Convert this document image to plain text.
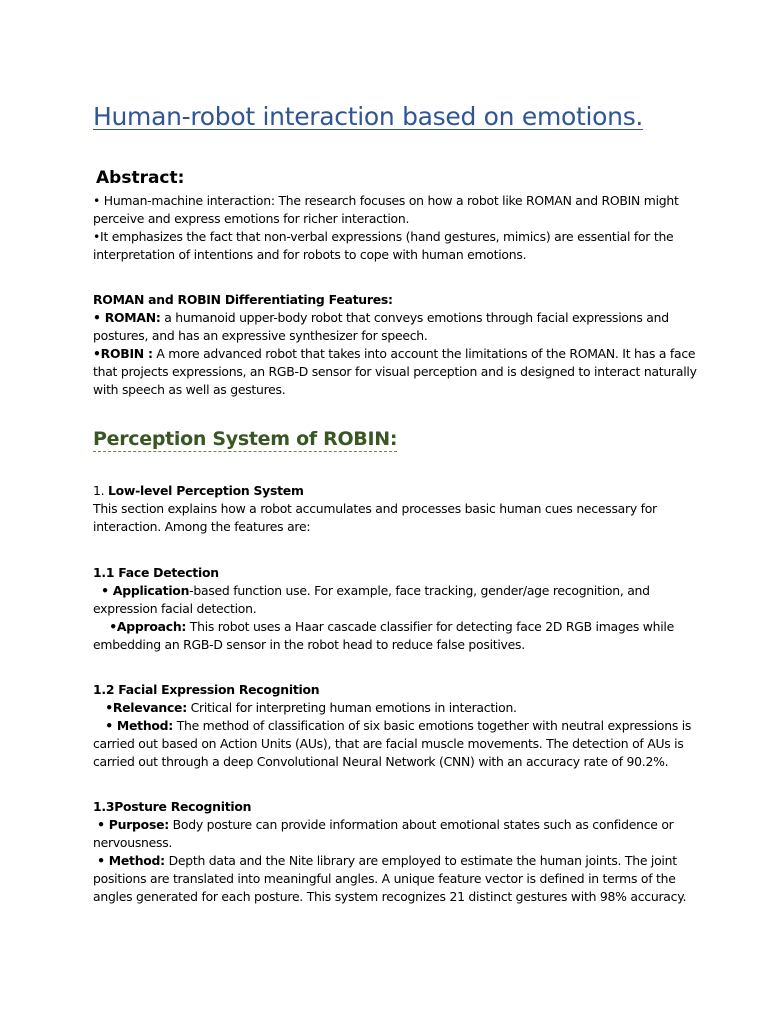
Human-robot interaction based on emotions.
Abstract:

• Human-machine interaction: The research focuses on how a robot like ROMAN and ROBIN might
perceive and express emotions for richer interaction.
•It emphasizes the fact that non-verbal expressions (hand gestures, mimics) are essential for the
interpretation of intentions and for robots to cope with human emotions.

ROMAN and ROBIN Differentiating Features:
• ROMAN: a humanoid upper-body robot that conveys emotions through facial expressions and
postures, and has an expressive synthesizer for speech.
•ROBIN : A more advanced robot that takes into account the limitations of the ROMAN. It has a face
that projects expressions, an RGB-D sensor for visual perception and is designed to interact naturally
with speech as well as gestures.

Perception System of ROBIN:

1. Low-level Perception System
This section explains how a robot accumulates and processes basic human cues necessary for
interaction. Among the features are:

1.1 Face Detection
• Application-based function use. For example, face tracking, gender/age recognition, and
expression facial detection.
•Approach: This robot uses a Haar cascade classifier for detecting face 2D RGB images while
embedding an RGB-D sensor in the robot head to reduce false positives.

1.2 Facial Expression Recognition
•Relevance: Critical for interpreting human emotions in interaction.
• Method: The method of classification of six basic emotions together with neutral expressions is
carried out based on Action Units (AUs), that are facial muscle movements. The detection of AUs is
carried out through a deep Convolutional Neural Network (CNN) with an accuracy rate of 90.2%.

1.3Posture Recognition
• Purpose: Body posture can provide information about emotional states such as confidence or
nervousness.
• Method: Depth data and the Nite library are employed to estimate the human joints. The joint
positions are translated into meaningful angles. A unique feature vector is defined in terms of the
angles generated for each posture. This system recognizes 21 distinct gestures with 98% accuracy.
